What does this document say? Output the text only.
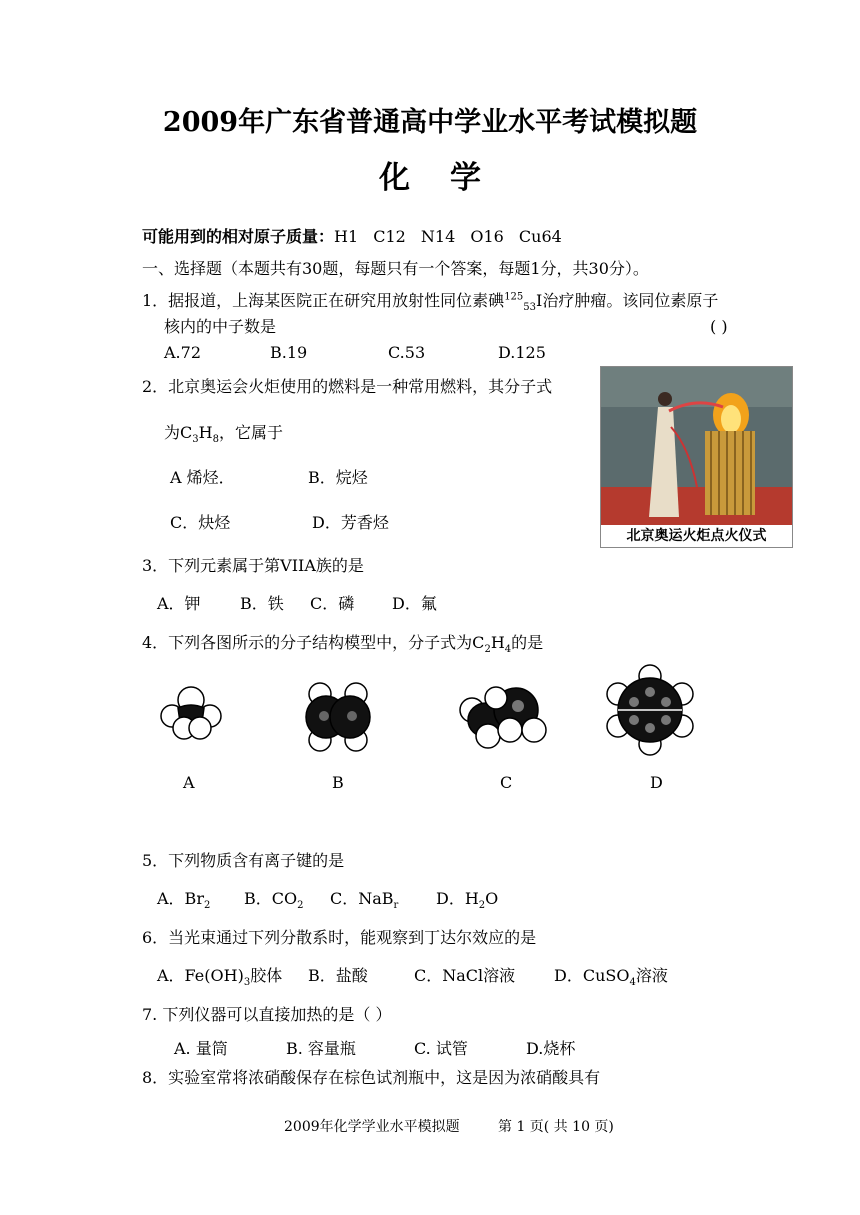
2009年广东省普通高中学业水平考试模拟题
化学
可能用到的相对原子质量：H1 C12 N14 O16 Cu64
一、选择题（本题共有30题，每题只有一个答案，每题1分，共30分）。
1．据报道，上海某医院正在研究用放射性同位素碘$^{125}_{53}$I治疗肿瘤。该同位素原子
核内的中子数是	( )
A.72	B.19	C.53	D.125
2．北京奥运会火炬使用的燃料是一种常用燃料，其分子式
为$C_3H_8$，它属于
A 烯烃．	B．烷烃
C．炔烃	D．芳香烃
北京奥运火炬点火仪式
3．下列元素属于第VIIA族的是
A．钾 B．铁 C．磷 D．氟
4．下列各图所示的分子结构模型中，分子式为$C_2H_4$的是
A	B	C	D
5．下列物质含有离子键的是
A．$Br_2$ B．$CO_2$ C．NaB$_r$ D．$H_2O$
6．当光束通过下列分散系时，能观察到丁达尔效应的是
A．$Fe(OH)_3$胶体 B．盐酸	C．NaCl溶液 D．CuSO$_4$溶液
7. 下列仪器可以直接加热的是（ ）
A. 量筒	B. 容量瓶	C. 试管	D.烧杯
8．实验室常将浓硝酸保存在棕色试剂瓶中，这是因为浓硝酸具有
2009年化学学业水平模拟题	第 1 页( 共 10 页)
